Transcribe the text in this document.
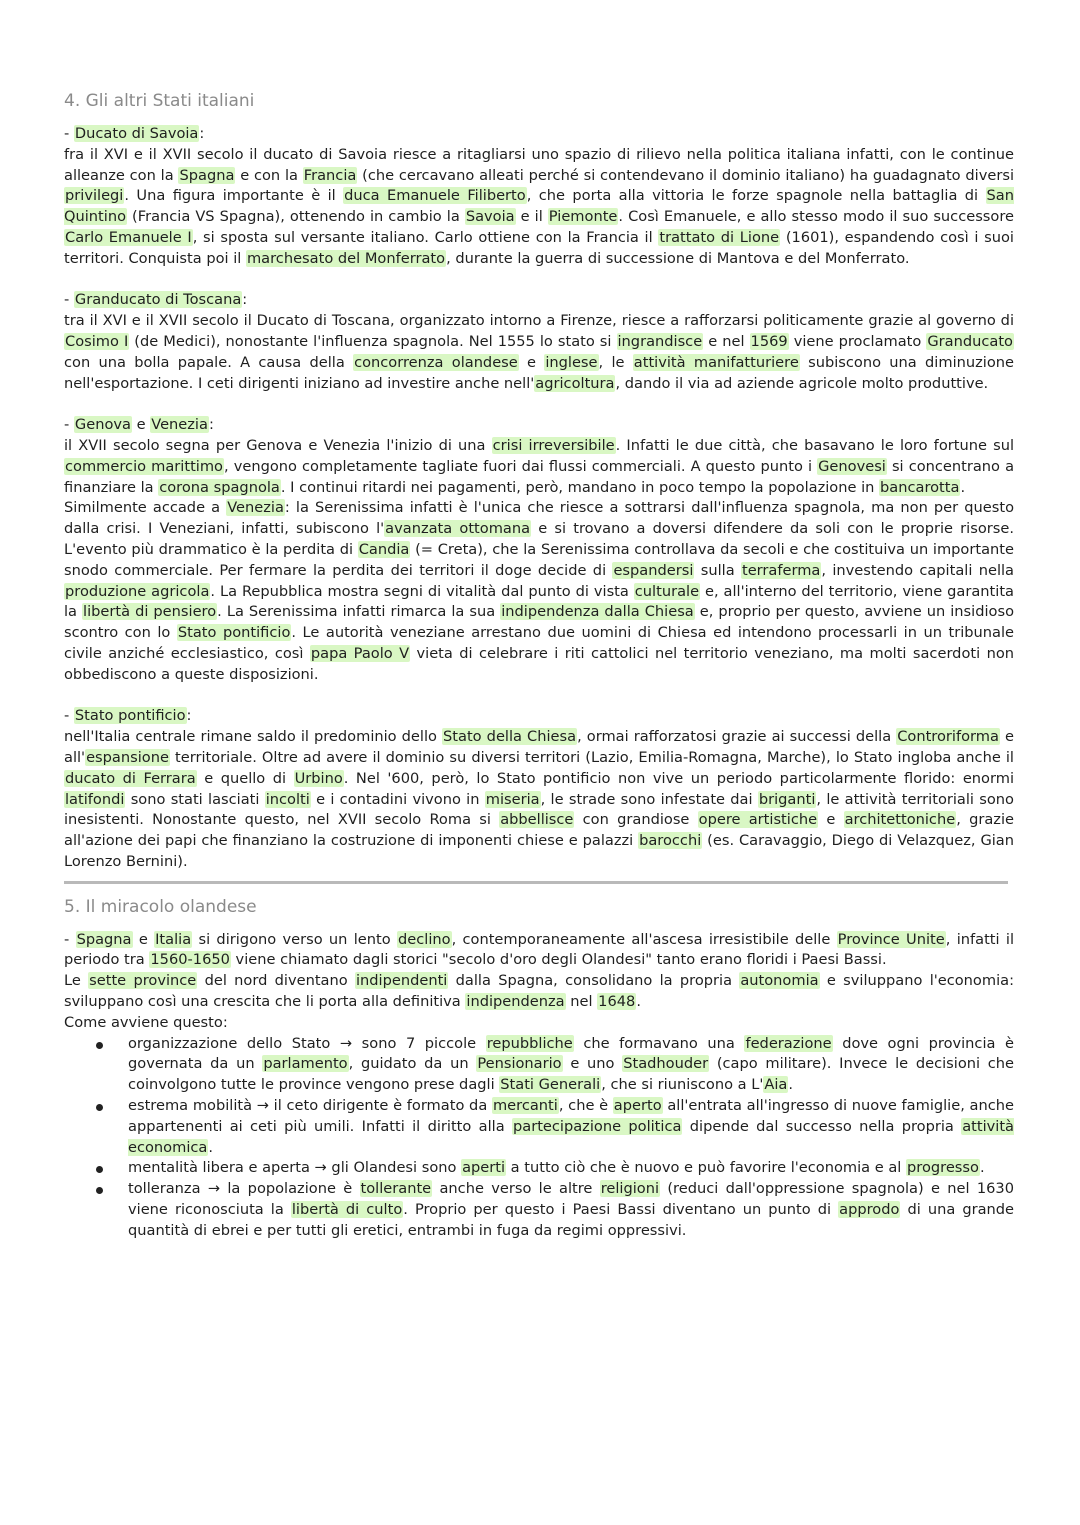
4. Gli altri Stati italiani

- Ducato di Savoia:

fra il XVI e il XVII secolo il ducato di Savoia riesce a ritagliarsi uno spazio di rilievo nella politica italiana infatti, con le continue alleanze con la Spagna e con la Francia (che cercavano alleati perché si contendevano il dominio italiano) ha guadagnato diversi privilegi. Una figura importante è il duca Emanuele Filiberto, che porta alla vittoria le forze spagnole nella battaglia di San Quintino (Francia VS Spagna), ottenendo in cambio la Savoia e il Piemonte. Così Emanuele, e allo stesso modo il suo successore Carlo Emanuele I, si sposta sul versante italiano. Carlo ottiene con la Francia il trattato di Lione (1601), espandendo così i suoi territori. Conquista poi il marchesato del Monferrato, durante la guerra di successione di Mantova e del Monferrato.

- Granducato di Toscana:

tra il XVI e il XVII secolo il Ducato di Toscana, organizzato intorno a Firenze, riesce a rafforzarsi politicamente grazie al governo di Cosimo I (de Medici), nonostante l'influenza spagnola. Nel 1555 lo stato si ingrandisce e nel 1569 viene proclamato Granducato con una bolla papale. A causa della concorrenza olandese e inglese, le attività manifatturiere subiscono una diminuzione nell'esportazione. I ceti dirigenti iniziano ad investire anche nell'agricoltura, dando il via ad aziende agricole molto produttive.

- Genova e Venezia:

il XVII secolo segna per Genova e Venezia l'inizio di una crisi irreversibile. Infatti le due città, che basavano le loro fortune sul commercio marittimo, vengono completamente tagliate fuori dai flussi commerciali. A questo punto i Genovesi si concentrano a finanziare la corona spagnola. I continui ritardi nei pagamenti, però, mandano in poco tempo la popolazione in bancarotta.

Similmente accade a Venezia: la Serenissima infatti è l'unica che riesce a sottrarsi dall'influenza spagnola, ma non per questo dalla crisi. I Veneziani, infatti, subiscono l'avanzata ottomana e si trovano a doversi difendere da soli con le proprie risorse. L'evento più drammatico è la perdita di Candia (= Creta), che la Serenissima controllava da secoli e che costituiva un importante snodo commerciale. Per fermare la perdita dei territori il doge decide di espandersi sulla terraferma, investendo capitali nella produzione agricola. La Repubblica mostra segni di vitalità dal punto di vista culturale e, all'interno del territorio, viene garantita la libertà di pensiero. La Serenissima infatti rimarca la sua indipendenza dalla Chiesa e, proprio per questo, avviene un insidioso scontro con lo Stato pontificio. Le autorità veneziane arrestano due uomini di Chiesa ed intendono processarli in un tribunale civile anziché ecclesiastico, così papa Paolo V vieta di celebrare i riti cattolici nel territorio veneziano, ma molti sacerdoti non obbediscono a queste disposizioni.

- Stato pontificio:

nell'Italia centrale rimane saldo il predominio dello Stato della Chiesa, ormai rafforzatosi grazie ai successi della Controriforma e all'espansione territoriale. Oltre ad avere il dominio su diversi territori (Lazio, Emilia-Romagna, Marche), lo Stato ingloba anche il ducato di Ferrara e quello di Urbino. Nel '600, però, lo Stato pontificio non vive un periodo particolarmente florido: enormi latifondi sono stati lasciati incolti e i contadini vivono in miseria, le strade sono infestate dai briganti, le attività territoriali sono inesistenti. Nonostante questo, nel XVII secolo Roma si abbellisce con grandiose opere artistiche e architettoniche, grazie all'azione dei papi che finanziano la costruzione di imponenti chiese e palazzi barocchi (es. Caravaggio, Diego di Velazquez, Gian Lorenzo Bernini).

5. Il miracolo olandese

- Spagna e Italia si dirigono verso un lento declino, contemporaneamente all'ascesa irresistibile delle Province Unite, infatti il periodo tra 1560-1650 viene chiamato dagli storici "secolo d'oro degli Olandesi" tanto erano floridi i Paesi Bassi.

Le sette province del nord diventano indipendenti dalla Spagna, consolidano la propria autonomia e sviluppano l'economia: sviluppano così una crescita che li porta alla definitiva indipendenza nel 1648.

Come avviene questo:

organizzazione dello Stato → sono 7 piccole repubbliche che formavano una federazione dove ogni provincia è governata da un parlamento, guidato da un Pensionario e uno Stadhouder (capo militare). Invece le decisioni che coinvolgono tutte le province vengono prese dagli Stati Generali, che si riuniscono a L'Aia.
estrema mobilità → il ceto dirigente è formato da mercanti, che è aperto all'entrata all'ingresso di nuove famiglie, anche appartenenti ai ceti più umili. Infatti il diritto alla partecipazione politica dipende dal successo nella propria attività economica.
mentalità libera e aperta → gli Olandesi sono aperti a tutto ciò che è nuovo e può favorire l'economia e al progresso.
tolleranza → la popolazione è tollerante anche verso le altre religioni (reduci dall'oppressione spagnola) e nel 1630 viene riconosciuta la libertà di culto. Proprio per questo i Paesi Bassi diventano un punto di approdo di una grande quantità di ebrei e per tutti gli eretici, entrambi in fuga da regimi oppressivi.
